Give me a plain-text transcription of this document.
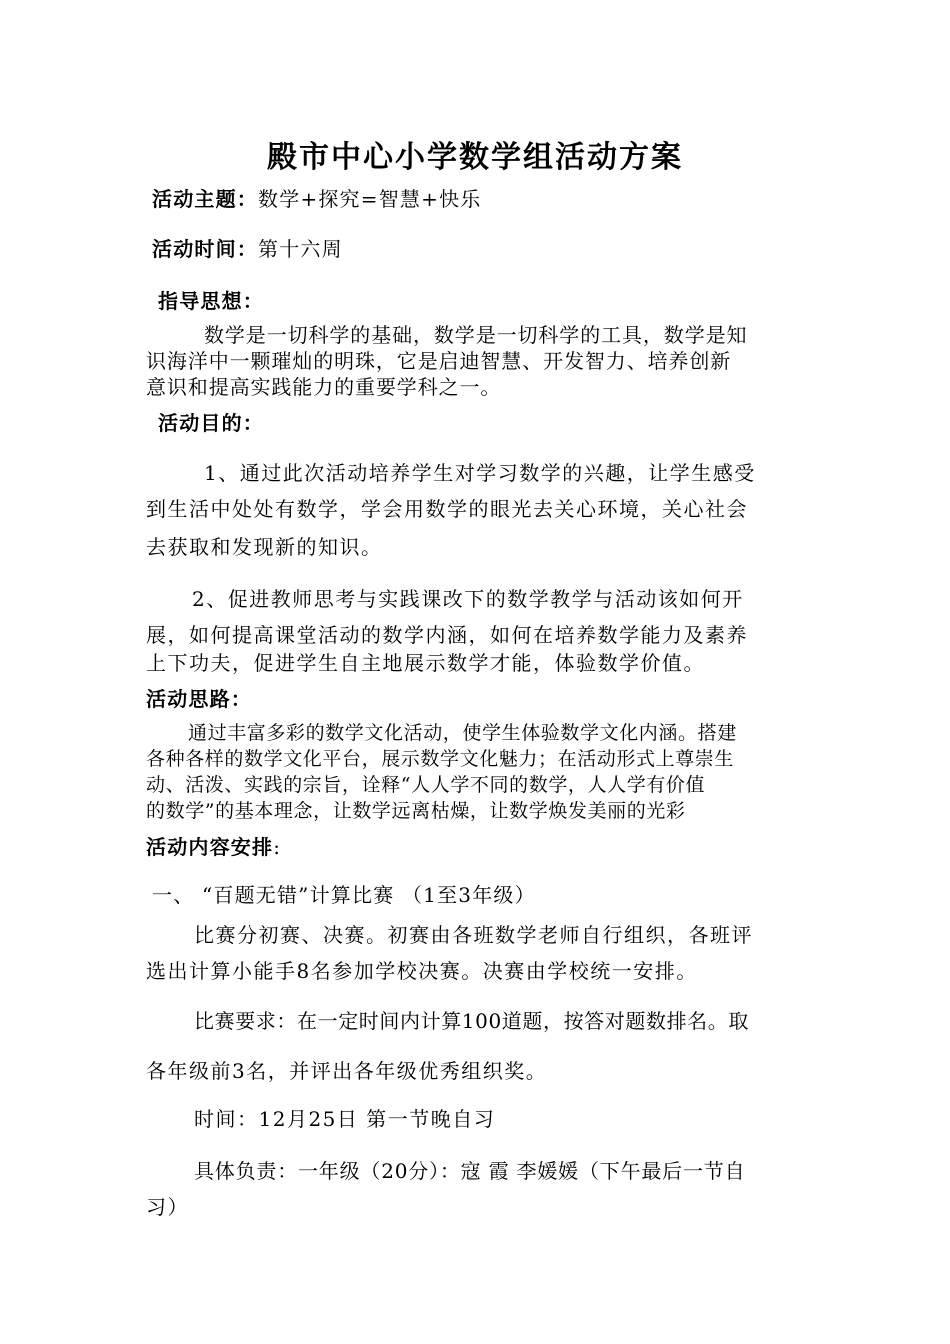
殿市中心小学数学组活动方案
活动主题：数学+探究=智慧+快乐
活动时间：第十六周
指导思想：
数学是一切科学的基础，数学是一切科学的工具，数学是知
识海洋中一颗璀灿的明珠，它是启迪智慧、开发智力、培养创新
意识和提高实践能力的重要学科之一。
活动目的：
1、通过此次活动培养学生对学习数学的兴趣，让学生感受
到生活中处处有数学，学会用数学的眼光去关心环境，关心社会
去获取和发现新的知识。
2、促进教师思考与实践课改下的数学教学与活动该如何开
展，如何提高课堂活动的数学内涵，如何在培养数学能力及素养
上下功夫，促进学生自主地展示数学才能，体验数学价值。
活动思路：
通过丰富多彩的数学文化活动，使学生体验数学文化内涵。搭建
各种各样的数学文化平台，展示数学文化魅力；在活动形式上尊崇生
动、活泼、实践的宗旨，诠释“人人学不同的数学，人人学有价值
的数学”的基本理念，让数学远离枯燥，让数学焕发美丽的光彩
活动内容安排:
一、 “百题无错”计算比赛 （1至3年级）
比赛分初赛、决赛。初赛由各班数学老师自行组织，各班评
选出计算小能手8名参加学校决赛。决赛由学校统一安排。
比赛要求：在一定时间内计算100道题，按答对题数排名。取
各年级前3名，并评出各年级优秀组织奖。
时间：12月25日 第一节晚自习
具体负责：一年级（20分）：寇 霞 李媛媛（下午最后一节自
习）
